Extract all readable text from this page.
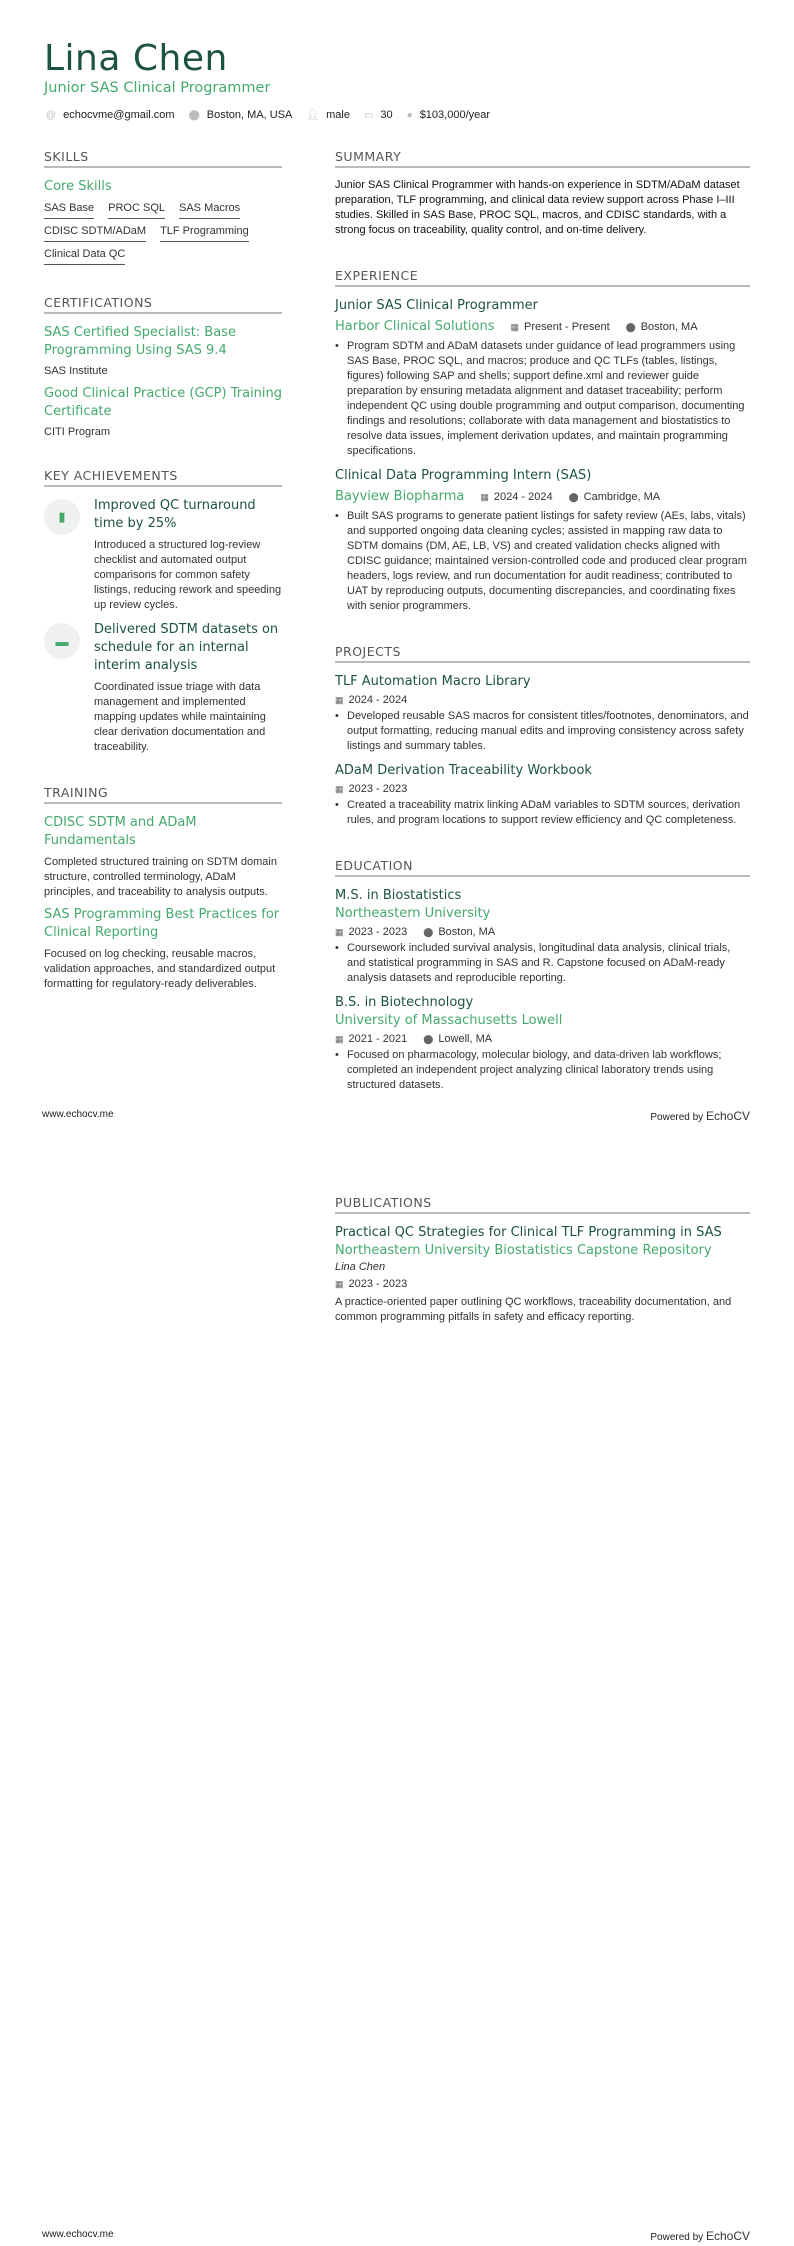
Lina Chen
Junior SAS Clinical Programmer
@ echocvme@gmail.com ⬤ Boston, MA, USA 👤︎ male ▭ 30 ● $103,000/year
SKILLS
Core Skills
SAS Base PROC SQL SAS Macros
CDISC SDTM/ADaM TLF Programming
Clinical Data QC
CERTIFICATIONS
SAS Certified Specialist: Base Programming Using SAS 9.4
SAS Institute
Good Clinical Practice (GCP) Training Certificate
CITI Program
KEY ACHIEVEMENTS
▮
Improved QC turnaround time by 25%
Introduced a structured log-review checklist and automated output comparisons for common safety listings, reducing rework and speeding up review cycles.
▬
Delivered SDTM datasets on schedule for an internal interim analysis
Coordinated issue triage with data management and implemented mapping updates while maintaining clear derivation documentation and traceability.
TRAINING
CDISC SDTM and ADaM Fundamentals
Completed structured training on SDTM domain structure, controlled terminology, ADaM principles, and traceability to analysis outputs.
SAS Programming Best Practices for Clinical Reporting
Focused on log checking, reusable macros, validation approaches, and standardized output formatting for regulatory-ready deliverables.
SUMMARY
Junior SAS Clinical Programmer with hands-on experience in SDTM/ADaM dataset preparation, TLF programming, and clinical data review support across Phase I–III studies. Skilled in SAS Base, PROC SQL, macros, and CDISC standards, with a strong focus on traceability, quality control, and on-time delivery.
EXPERIENCE
Junior SAS Clinical Programmer
Harbor Clinical Solutions ▦ Present - Present ⬤ Boston, MA
• Program SDTM and ADaM datasets under guidance of lead programmers using SAS Base, PROC SQL, and macros; produce and QC TLFs (tables, listings, figures) following SAP and shells; support define.xml and reviewer guide preparation by ensuring metadata alignment and dataset traceability; perform independent QC using double programming and output comparison, documenting findings and resolutions; collaborate with data management and biostatistics to resolve data issues, implement derivation updates, and maintain programming specifications.
Clinical Data Programming Intern (SAS)
Bayview Biopharma ▦ 2024 - 2024 ⬤ Cambridge, MA
• Built SAS programs to generate patient listings for safety review (AEs, labs, vitals) and supported ongoing data cleaning cycles; assisted in mapping raw data to SDTM domains (DM, AE, LB, VS) and created validation checks aligned with CDISC guidance; maintained version-controlled code and produced clear program headers, logs review, and run documentation for audit readiness; contributed to UAT by reproducing outputs, documenting discrepancies, and coordinating fixes with senior programmers.
PROJECTS
TLF Automation Macro Library
▦ 2024 - 2024
• Developed reusable SAS macros for consistent titles/footnotes, denominators, and output formatting, reducing manual edits and improving consistency across safety listings and summary tables.
ADaM Derivation Traceability Workbook
▦ 2023 - 2023
• Created a traceability matrix linking ADaM variables to SDTM sources, derivation rules, and program locations to support review efficiency and QC completeness.
EDUCATION
M.S. in Biostatistics
Northeastern University
▦ 2023 - 2023 ⬤ Boston, MA
• Coursework included survival analysis, longitudinal data analysis, clinical trials, and statistical programming in SAS and R. Capstone focused on ADaM-ready analysis datasets and reproducible reporting.
B.S. in Biotechnology
University of Massachusetts Lowell
▦ 2021 - 2021 ⬤ Lowell, MA
• Focused on pharmacology, molecular biology, and data-driven lab workflows; completed an independent project analyzing clinical laboratory trends using structured datasets.
www.echocv.me	Powered by EchoCV
PUBLICATIONS
Practical QC Strategies for Clinical TLF Programming in SAS
Northeastern University Biostatistics Capstone Repository
Lina Chen
▦ 2023 - 2023
A practice-oriented paper outlining QC workflows, traceability documentation, and common programming pitfalls in safety and efficacy reporting.
www.echocv.me	Powered by EchoCV
